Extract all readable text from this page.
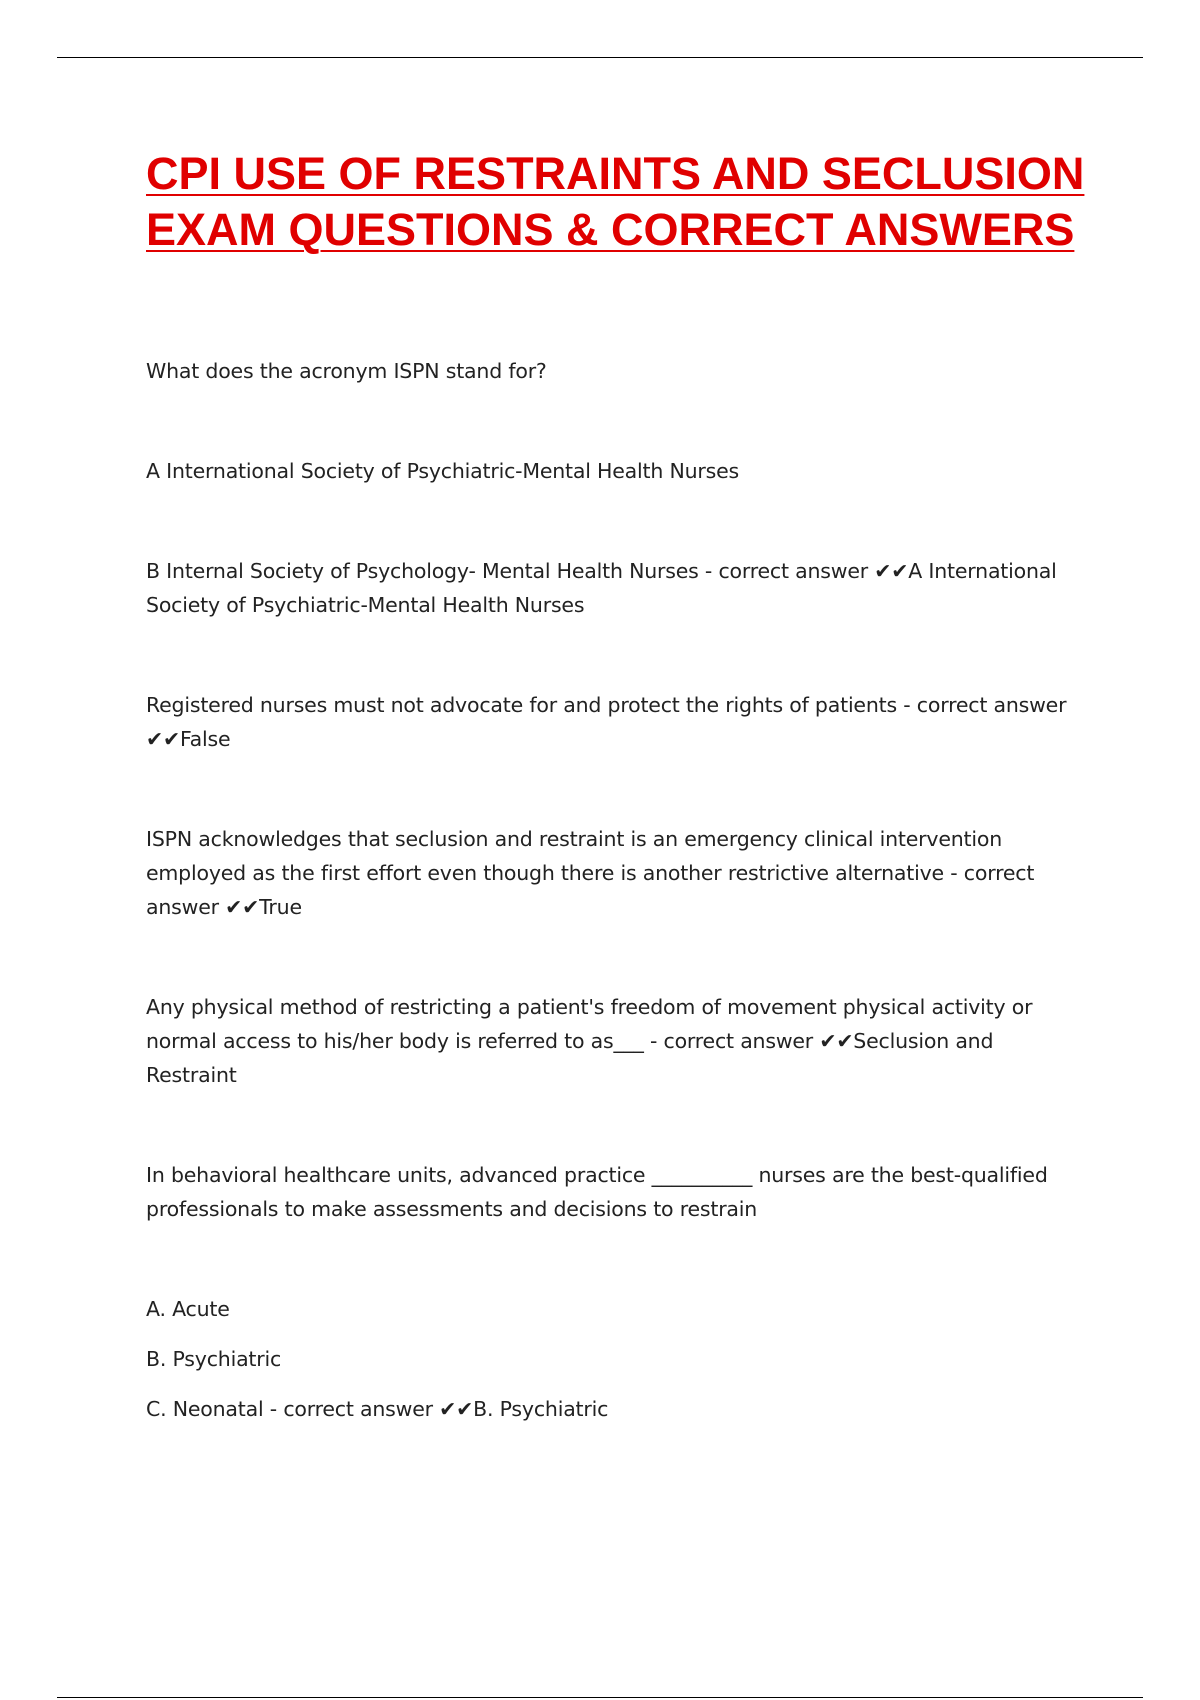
CPI USE OF RESTRAINTS AND SECLUSION EXAM QUESTIONS & CORRECT ANSWERS

What does the acronym ISPN stand for?

A International Society of Psychiatric-Mental Health Nurses

B Internal Society of Psychology- Mental Health Nurses - correct answer ✔✔A International Society of Psychiatric-Mental Health Nurses

Registered nurses must not advocate for and protect the rights of patients - correct answer ✔✔False

ISPN acknowledges that seclusion and restraint is an emergency clinical intervention employed as the first effort even though there is another restrictive alternative - correct answer ✔✔True

Any physical method of restricting a patient's freedom of movement physical activity or normal access to his/her body is referred to as___ - correct answer ✔✔Seclusion and Restraint

In behavioral healthcare units, advanced practice __________ nurses are the best-qualified professionals to make assessments and decisions to restrain

A. Acute

B. Psychiatric

C. Neonatal - correct answer ✔✔B. Psychiatric
